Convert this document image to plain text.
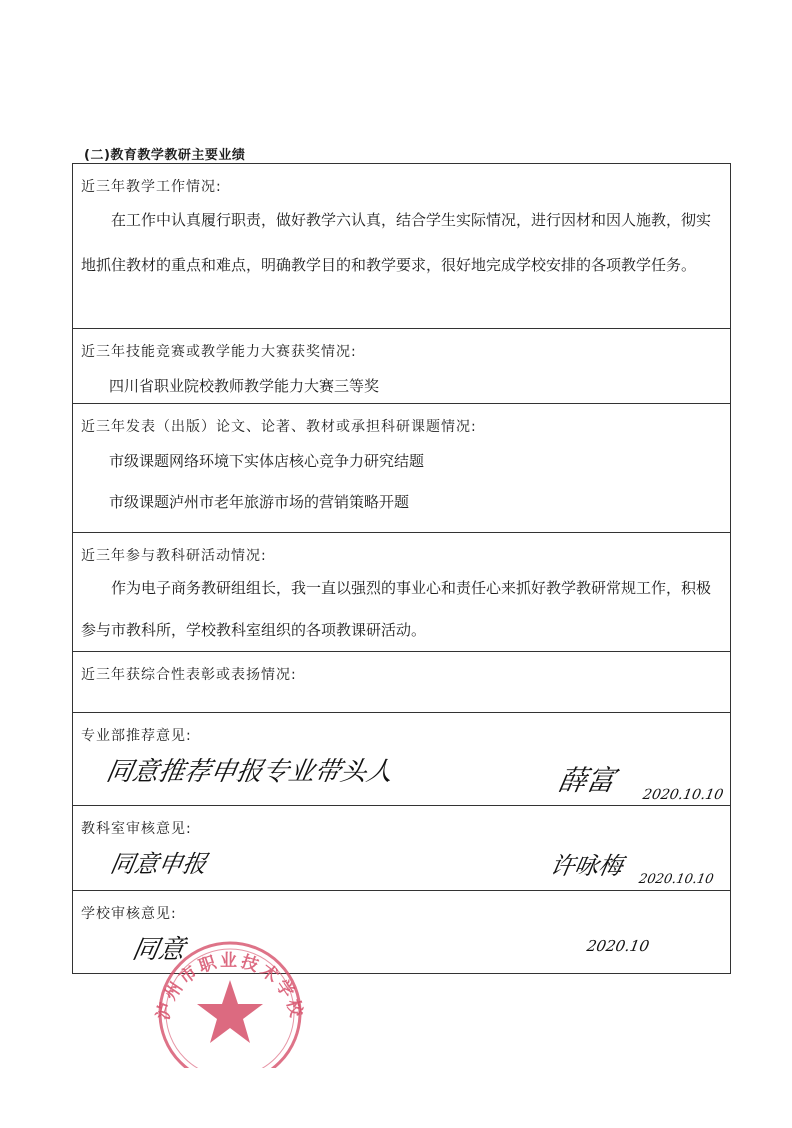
(二)教育教学教研主要业绩
近三年教学工作情况:
在工作中认真履行职责，做好教学六认真，结合学生实际情况，进行因材和因人施教，彻实地抓住教材的重点和难点，明确教学目的和教学要求，很好地完成学校安排的各项教学任务。

近三年技能竞赛或教学能力大赛获奖情况:
四川省职业院校教师教学能力大赛三等奖

近三年发表（出版）论文、论著、教材或承担科研课题情况:
市级课题网络环境下实体店核心竞争力研究结题
市级课题泸州市老年旅游市场的营销策略开题

近三年参与教科研活动情况:
作为电子商务教研组组长，我一直以强烈的事业心和责任心来抓好教学教研常规工作，积极参与市教科所，学校教科室组织的各项教课研活动。

近三年获综合性表彰或表扬情况:

专业部推荐意见:
同意推荐申报专业带头人	薛富 2020.10.10

教科室审核意见:
同意申报	许咏梅 2020.10.10

学校审核意见:
同意	2020.10
泸州市职业技术学校
